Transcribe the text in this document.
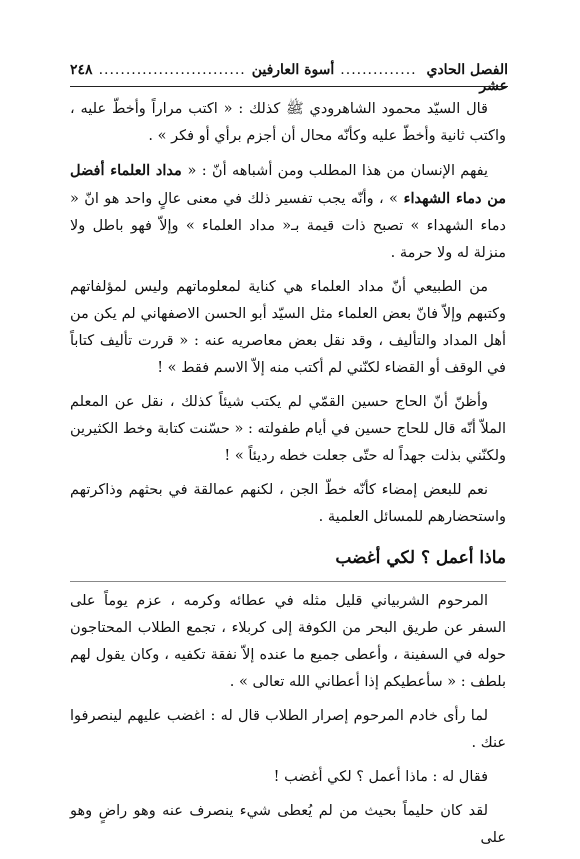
الفصل الحادي عشر
..............
أسوة العارفين
...........................
٢٤٨

قال السيّد محمود الشاهرودي ﷺ كذلك : « اكتب مراراً وأخطّ عليه ، واكتب ثانية وأخطّ عليه وكأنّه محال أن أجزم برأي أو فكر » .

يفهم الإنسان من هذا المطلب ومن أشباهه أنّ : « مداد العلماء أفضل من دماء الشهداء » ، وأنّه يجب تفسير ذلك في معنى عالٍ واحد هو انّ « دماء الشهداء » تصبح ذات قيمة بـ« مداد العلماء » وإلاّ فهو باطل ولا منزلة له ولا حرمة .

من الطبيعي أنّ مداد العلماء هي كناية لمعلوماتهم وليس لمؤلفاتهم وكتبهم وإلاّ فانّ بعض العلماء مثل السيّد أبو الحسن الاصفهاني لم يكن من أهل المداد والتأليف ، وقد نقل بعض معاصريه عنه : « قررت تأليف كتاباً في الوقف أو القضاء لكنّني لم أكتب منه إلاّ الاسم فقط » !

وأظنّ أنّ الحاج حسين القمّي لم يكتب شيئاً كذلك ، نقل عن المعلم الملاّ أنّه قال للحاج حسين في أيام طفولته : « حسّنت كتابة وخط الكثيرين ولكنّني بذلت جهداً له حتّى جعلت خطه رديئاً » !

نعم للبعض إمضاء كأنّه خطّ الجن ، لكنهم عمالقة في بحثهم وذاكرتهم واستحضارهم للمسائل العلمية .

ماذا أعمل ؟ لكي أغضب

المرحوم الشربياني قليل مثله في عطائه وكرمه ، عزم يوماً على السفر عن طريق البحر من الكوفة إلى كربلاء ، تجمع الطلاب المحتاجون حوله في السفينة ، وأعطى جميع ما عنده إلاّ نفقة تكفيه ، وكان يقول لهم بلطف : « سأعطيكم إذا أعطاني الله تعالى » .

لما رأى خادم المرحوم إصرار الطلاب قال له : اغضب عليهم لينصرفوا عنك .

فقال له : ماذا أعمل ؟ لكي أغضب !

لقد كان حليماً بحيث من لم يُعطى شيء ينصرف عنه وهو راضٍ وهو على
